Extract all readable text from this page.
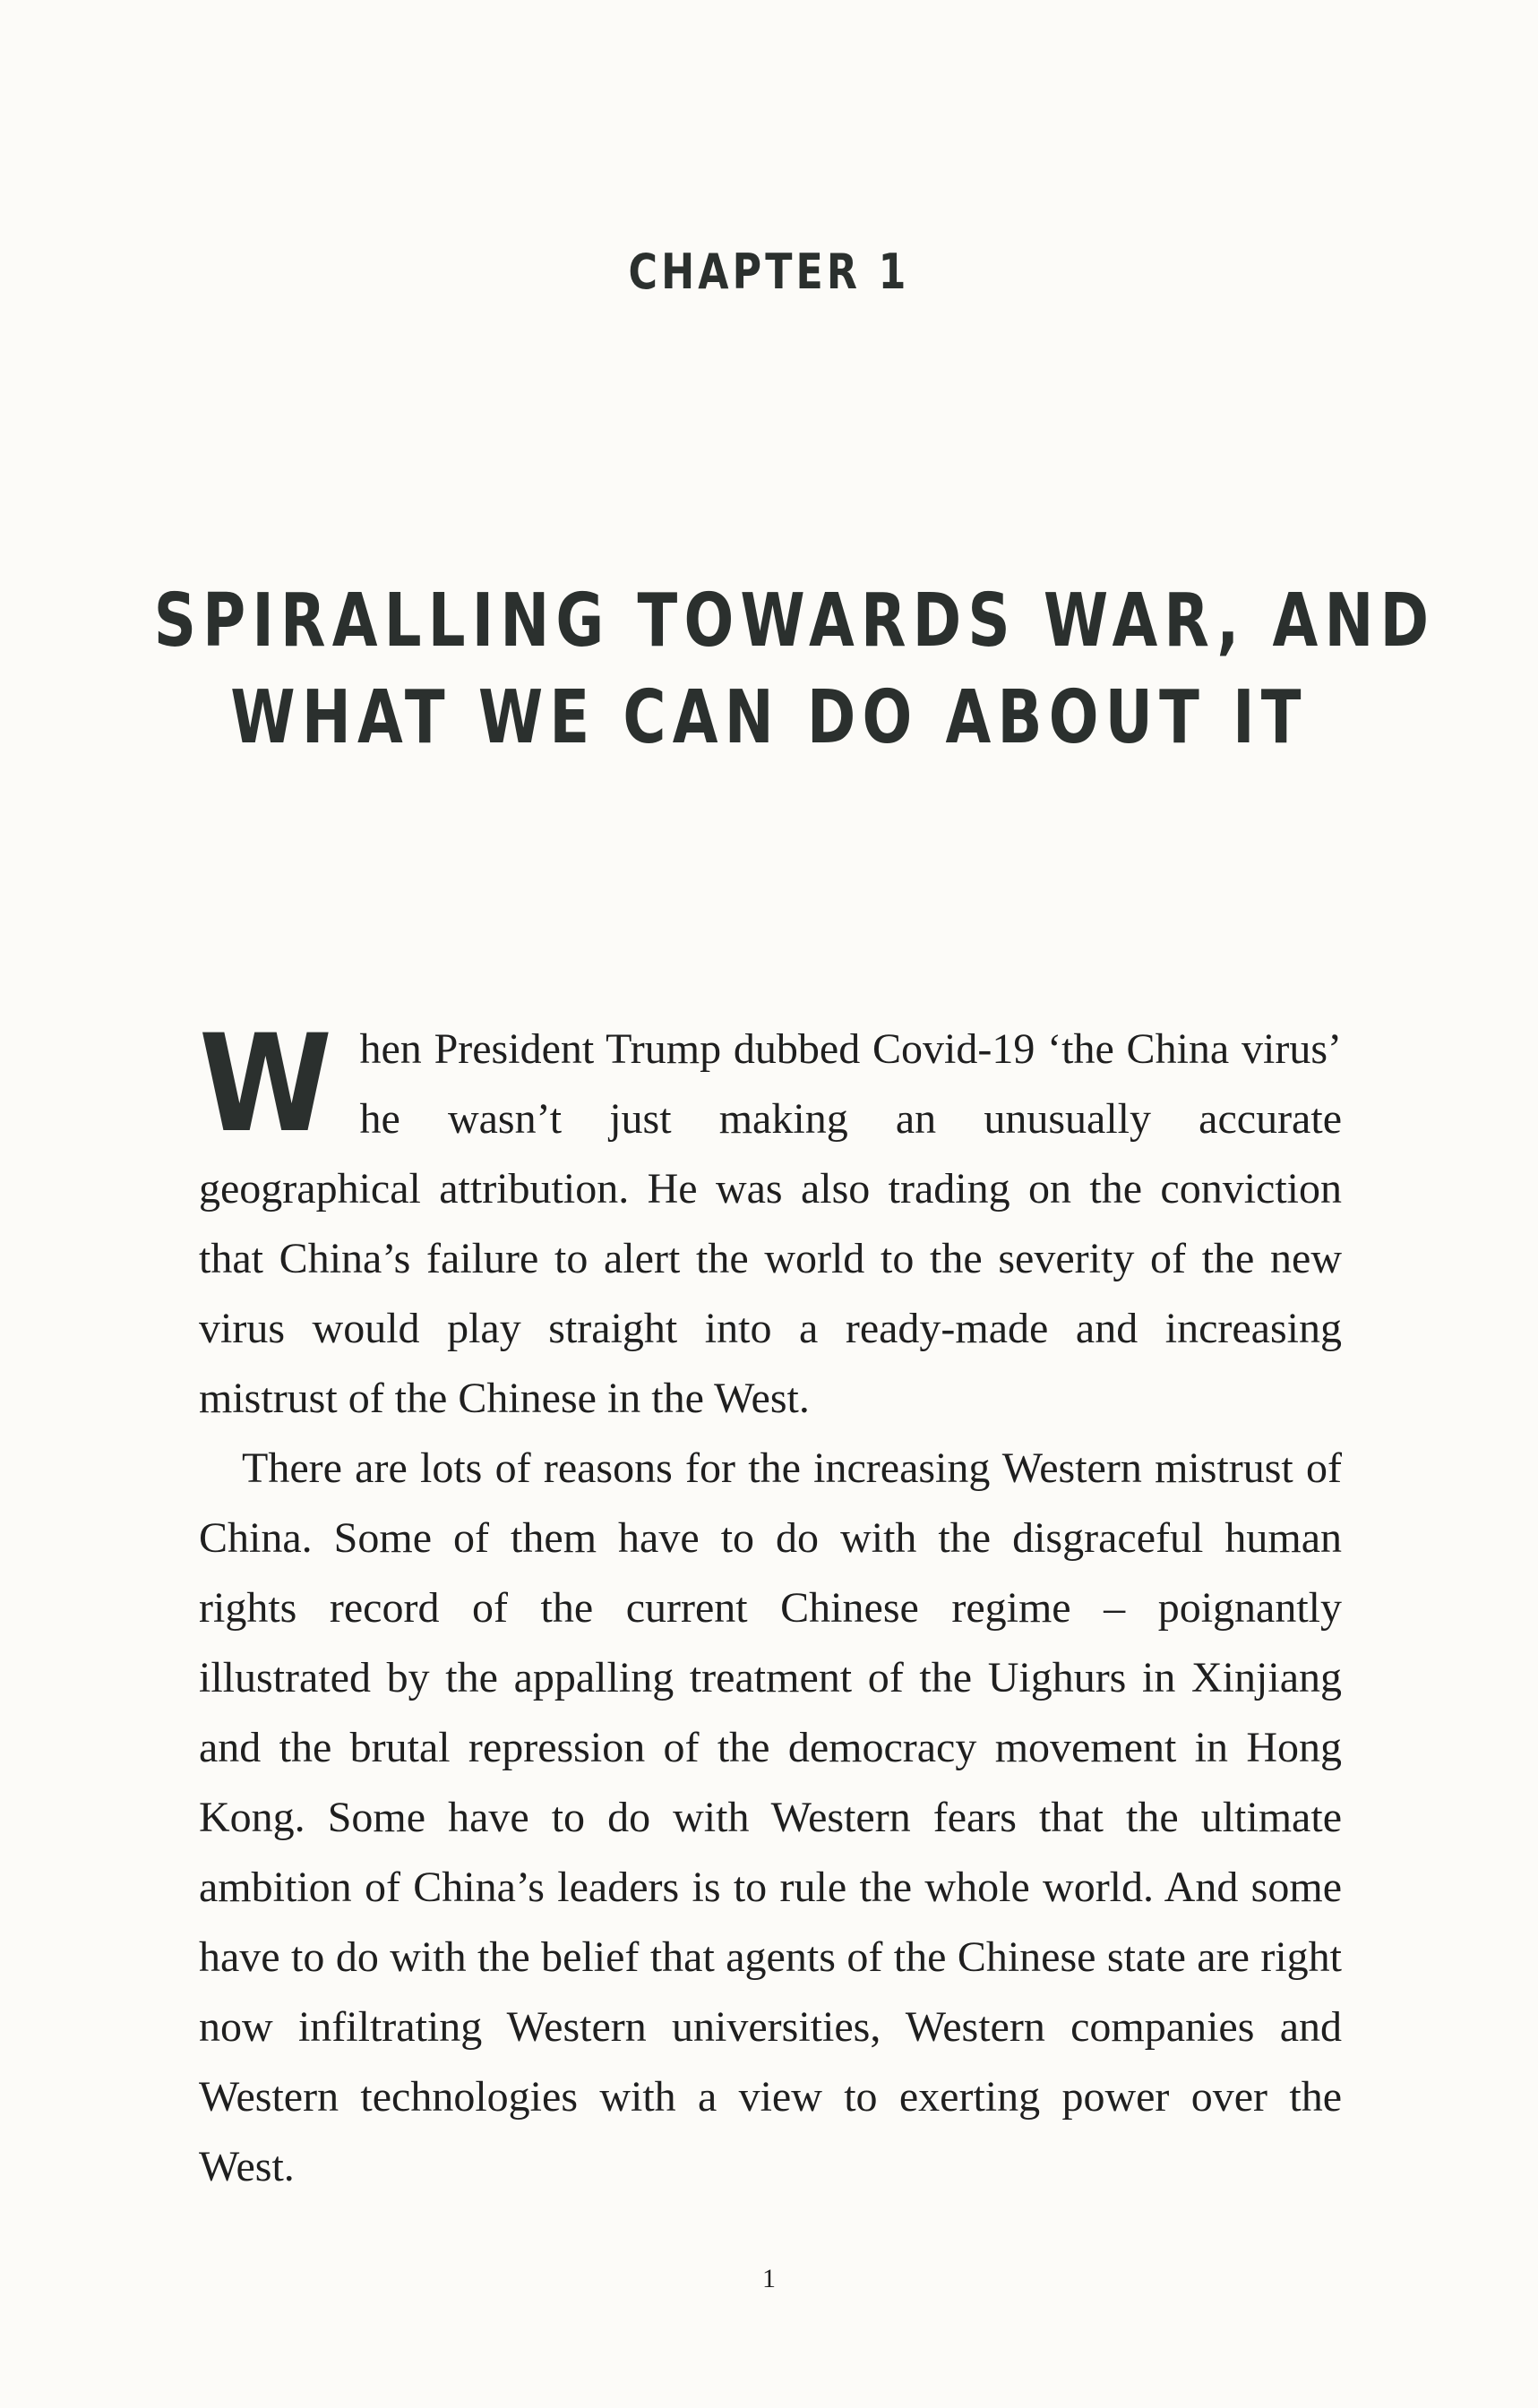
CHAPTER 1
SPIRALLING TOWARDS WAR, AND
WHAT WE CAN DO ABOUT IT

When President Trump dubbed Covid-19 ‘the China virus’ he wasn’t just making an unusually accurate geographical attribution. He was also trading on the conviction that China’s failure to alert the world to the severity of the new virus would play straight into a ready-made and increasing mistrust of the Chinese in the West.

There are lots of reasons for the increasing Western mistrust of China. Some of them have to do with the disgraceful human rights record of the current Chinese regime – poignantly illustrated by the appalling treatment of the Uighurs in Xinjiang and the brutal repression of the democracy movement in Hong Kong. Some have to do with Western fears that the ultimate ambition of China’s leaders is to rule the whole world. And some have to do with the belief that agents of the Chinese state are right now infiltrating Western universities, Western companies and Western technologies with a view to exerting power over the West.

1
